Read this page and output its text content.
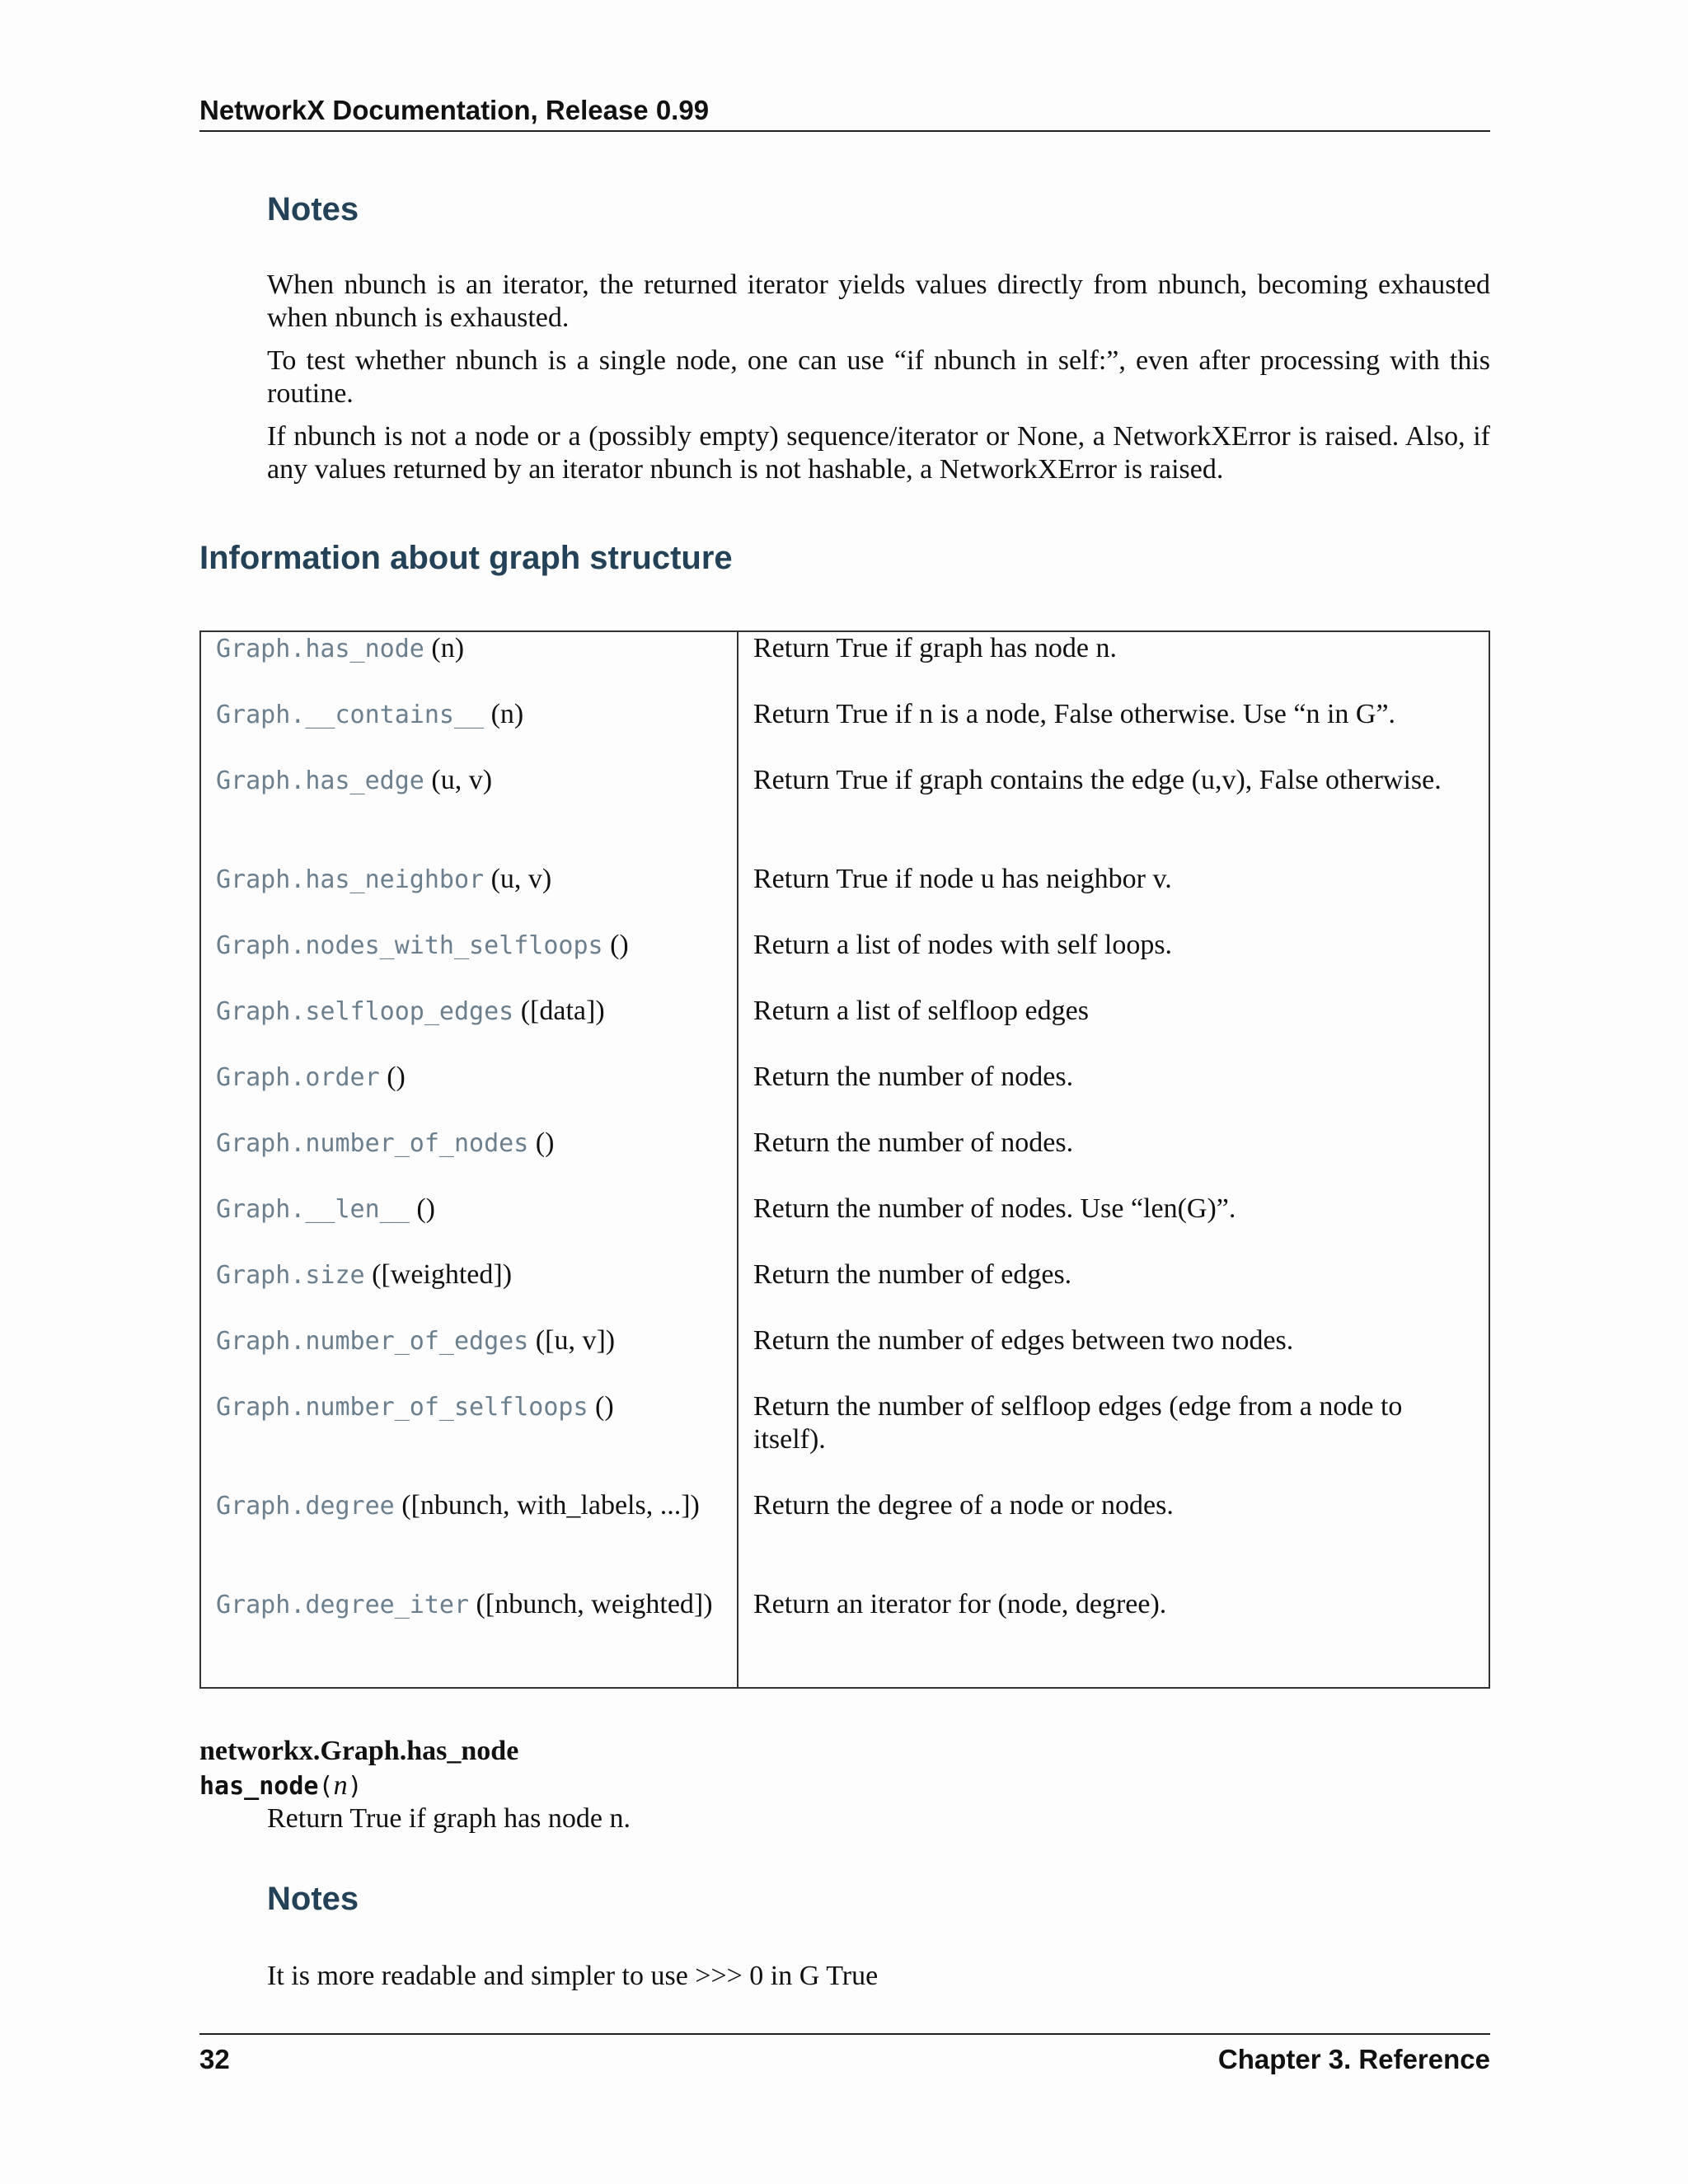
NetworkX Documentation, Release 0.99
Notes

When nbunch is an iterator, the returned iterator yields values directly from nbunch, becoming exhausted when nbunch is exhausted.

To test whether nbunch is a single node, one can use “if nbunch in self:”, even after processing with this routine.

If nbunch is not a node or a (possibly empty) sequence/iterator or None, a NetworkXError is raised. Also, if any values returned by an iterator nbunch is not hashable, a NetworkXError is raised.

Information about graph structure
Graph.has_node (n)	Return True if graph has node n.
Graph.__contains__ (n)	Return True if n is a node, False otherwise. Use “n in G”.
Graph.has_edge (u, v)	Return True if graph contains the edge (u,v), False otherwise.
Graph.has_neighbor (u, v)	Return True if node u has neighbor v.
Graph.nodes_with_selfloops ()	Return a list of nodes with self loops.
Graph.selfloop_edges ([data])	Return a list of selfloop edges
Graph.order ()	Return the number of nodes.
Graph.number_of_nodes ()	Return the number of nodes.
Graph.__len__ ()	Return the number of nodes. Use “len(G)”.
Graph.size ([weighted])	Return the number of edges.
Graph.number_of_edges ([u, v])	Return the number of edges between two nodes.
Graph.number_of_selfloops ()	Return the number of selfloop edges (edge from a node to itself).
Graph.degree ([nbunch, with_labels, ...])	Return the degree of a node or nodes.
Graph.degree_iter ([nbunch, weighted])	Return an iterator for (node, degree).
networkx.Graph.has_node
has_node(n)

Return True if graph has node n.

Notes

It is more readable and simpler to use >>> 0 in G True

32	Chapter 3. Reference
